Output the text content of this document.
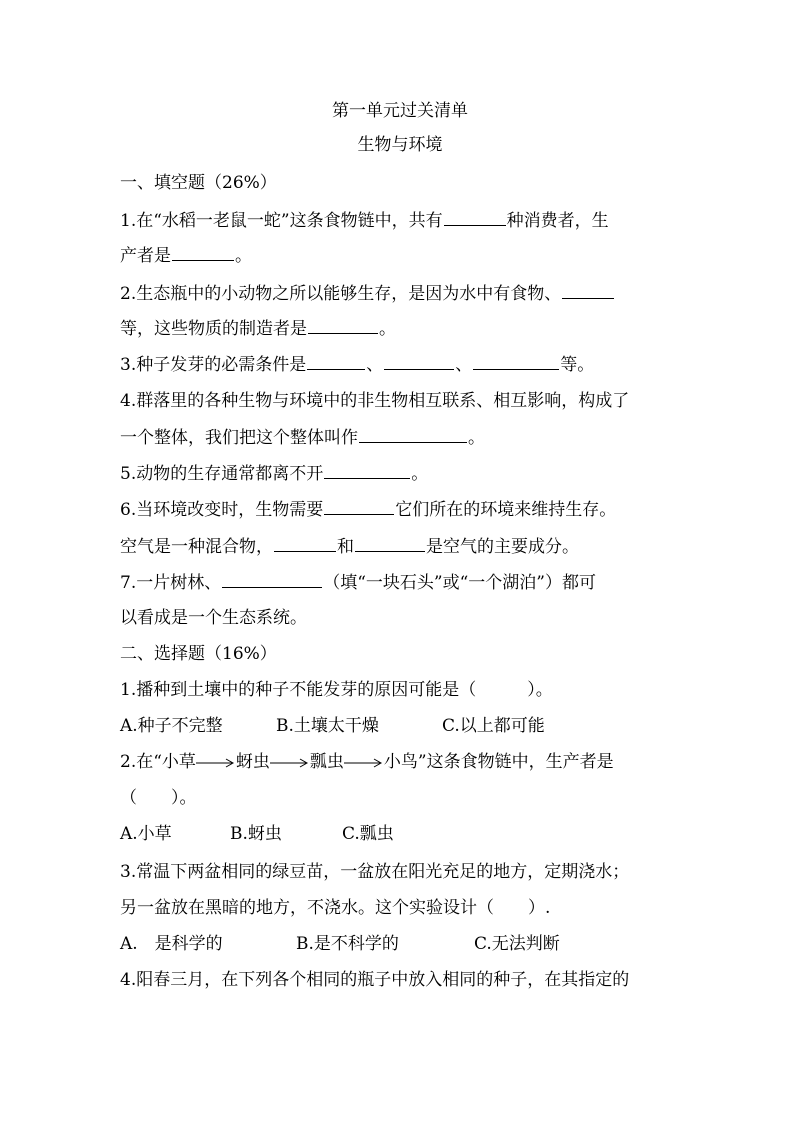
第一单元过关清单
生物与环境
一、填空题（26%）
1.在“水稻一老鼠一蛇”这条食物链中，共有	种消费者，生
产者是	。
2.生态瓶中的小动物之所以能够生存，是因为水中有食物、
等，这些物质的制造者是	。
3.种子发芽的必需条件是	、	、	等。
4.群落里的各种生物与环境中的非生物相互联系、相互影响，构成了
一个整体，我们把这个整体叫作	。
5.动物的生存通常都离不开	。
6.当环境改变时，生物需要	它们所在的环境来维持生存。
空气是一种混合物，	和	是空气的主要成分。
7.一片树林、	（填“一块石头”或“一个湖泊”）都可
以看成是一个生态系统。
二、选择题（16%）
1.播种到土壤中的种子不能发芽的原因可能是（　　　）。
A.种子不完整	B.土壤太干燥	C.以上都可能
2.在“小草 蚜虫 瓢虫 小鸟”这条食物链中，生产者是
（　　）。
A.小草	B.蚜虫	C.瓢虫
3.常温下两盆相同的绿豆苗，一盆放在阳光充足的地方，定期浇水；
另一盆放在黑暗的地方，不浇水。这个实验设计（　　）.
A.　是科学的	B.是不科学的	C.无法判断
4.阳春三月，在下列各个相同的瓶子中放入相同的种子，在其指定的
